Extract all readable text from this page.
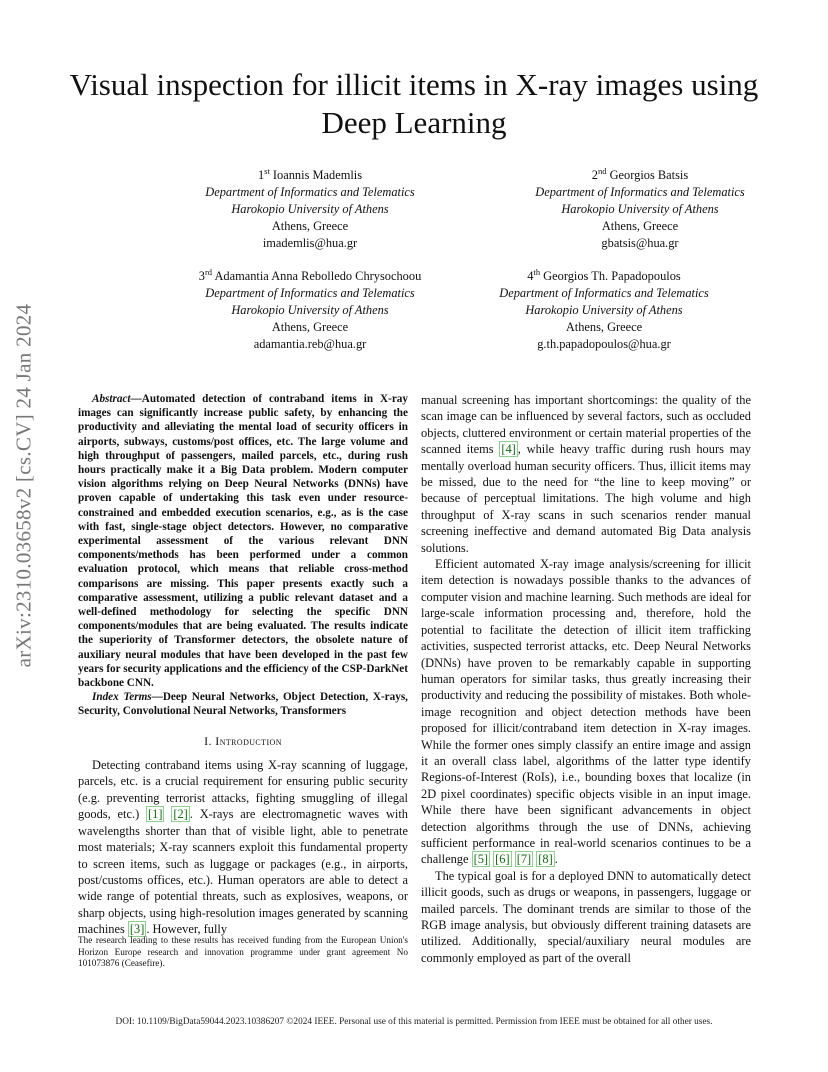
arXiv:2310.03658v2 [cs.CV] 24 Jan 2024
Visual inspection for illicit items in X-ray images using Deep Learning
1st Ioannis Mademlis
Department of Informatics and Telematics
Harokopio University of Athens
Athens, Greece
imademlis@hua.gr
2nd Georgios Batsis
Department of Informatics and Telematics
Harokopio University of Athens
Athens, Greece
gbatsis@hua.gr
3rd Adamantia Anna Rebolledo Chrysochoou
Department of Informatics and Telematics
Harokopio University of Athens
Athens, Greece
adamantia.reb@hua.gr
4th Georgios Th. Papadopoulos
Department of Informatics and Telematics
Harokopio University of Athens
Athens, Greece
g.th.papadopoulos@hua.gr

Abstract—Automated detection of contraband items in X-ray images can significantly increase public safety, by enhancing the productivity and alleviating the mental load of security officers in airports, subways, customs/post offices, etc. The large volume and high throughput of passengers, mailed parcels, etc., during rush hours practically make it a Big Data problem. Modern computer vision algorithms relying on Deep Neural Networks (DNNs) have proven capable of undertaking this task even under resource-constrained and embedded execution scenarios, e.g., as is the case with fast, single-stage object detectors. However, no comparative experimental assessment of the various relevant DNN components/methods has been performed under a common evaluation protocol, which means that reliable cross-method comparisons are missing. This paper presents exactly such a comparative assessment, utilizing a public relevant dataset and a well-defined methodology for selecting the specific DNN components/modules that are being evaluated. The results indicate the superiority of Transformer detectors, the obsolete nature of auxiliary neural modules that have been developed in the past few years for security applications and the efficiency of the CSP-DarkNet backbone CNN.

Index Terms—Deep Neural Networks, Object Detection, X-rays, Security, Convolutional Neural Networks, Transformers

I. Introduction

Detecting contraband items using X-ray scanning of luggage, parcels, etc. is a crucial requirement for ensuring public security (e.g. preventing terrorist attacks, fighting smuggling of illegal goods, etc.) [1] [2] . X-rays are electromagnetic waves with wavelengths shorter than that of visible light, able to penetrate most materials; X-ray scanners exploit this fundamental property to screen items, such as luggage or packages (e.g., in airports, post/customs offices, etc.). Human operators are able to detect a wide range of potential threats, such as explosives, weapons, or sharp objects, using high-resolution images generated by scanning machines [3] . However, fully

The research leading to these results has received funding from the European Union's Horizon Europe research and innovation programme under grant agreement No 101073876 (Ceasefire).

manual screening has important shortcomings: the quality of the scan image can be influenced by several factors, such as occluded objects, cluttered environment or certain material properties of the scanned items [4] , while heavy traffic during rush hours may mentally overload human security officers. Thus, illicit items may be missed, due to the need for “the line to keep moving” or because of perceptual limitations. The high volume and high throughput of X-ray scans in such scenarios render manual screening ineffective and demand automated Big Data analysis solutions.

Efficient automated X-ray image analysis/screening for illicit item detection is nowadays possible thanks to the advances of computer vision and machine learning. Such methods are ideal for large-scale information processing and, therefore, hold the potential to facilitate the detection of illicit item trafficking activities, suspected terrorist attacks, etc. Deep Neural Networks (DNNs) have proven to be remarkably capable in supporting human operators for similar tasks, thus greatly increasing their productivity and reducing the possibility of mistakes. Both whole-image recognition and object detection methods have been proposed for illicit/contraband item detection in X-ray images. While the former ones simply classify an entire image and assign it an overall class label, algorithms of the latter type identify Regions-of-Interest (RoIs), i.e., bounding boxes that localize (in 2D pixel coordinates) specific objects visible in an input image. While there have been significant advancements in object detection algorithms through the use of DNNs, achieving sufficient performance in real-world scenarios continues to be a challenge [5] [6] [7] [8] .

The typical goal is for a deployed DNN to automatically detect illicit goods, such as drugs or weapons, in passengers, luggage or mailed parcels. The dominant trends are similar to those of the RGB image analysis, but obviously different training datasets are utilized. Additionally, special/auxiliary neural modules are commonly employed as part of the overall

DOI: 10.1109/BigData59044.2023.10386207 ©2024 IEEE. Personal use of this material is permitted. Permission from IEEE must be obtained for all other uses.
